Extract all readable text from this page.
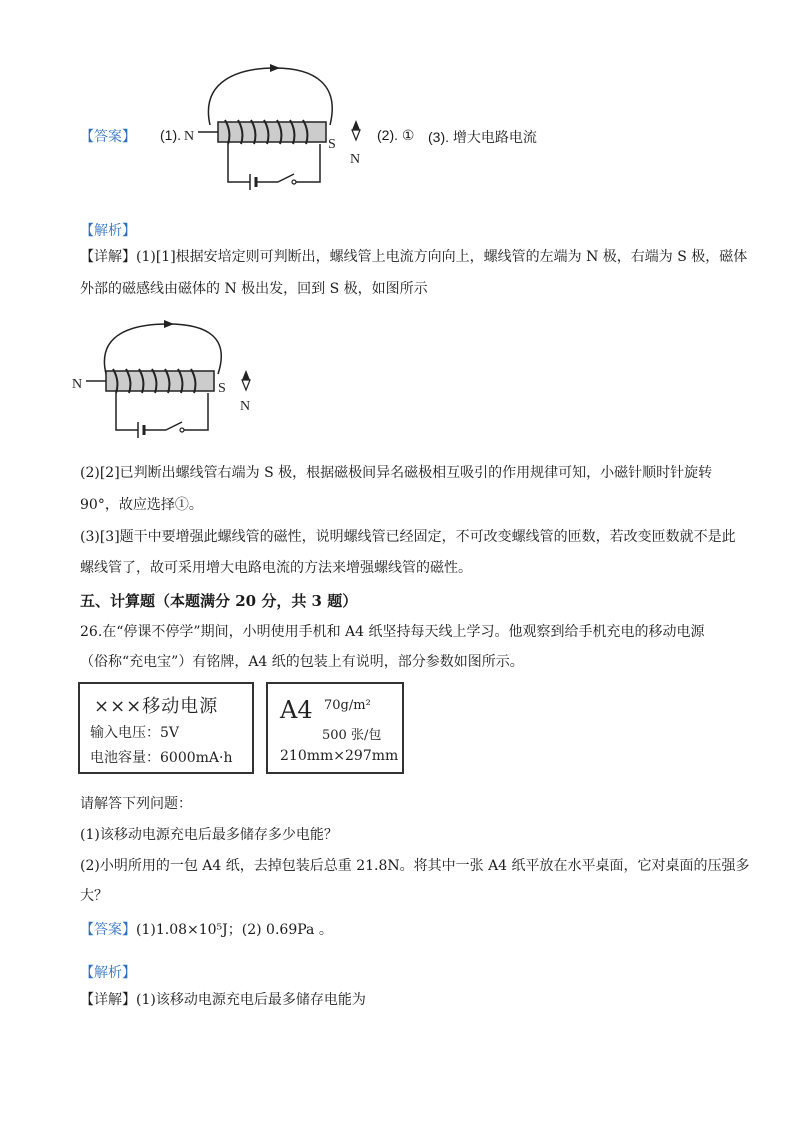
【答案】 (1). N
S
N
(2). ① (3). 增大电路电流
【解析】
【详解】(1)[1]根据安培定则可判断出，螺线管上电流方向向上，螺线管的左端为 N 极，右端为 S 极，磁体
外部的磁感线由磁体的 N 极出发，回到 S 极，如图所示
N	S
N
(2)[2]已判断出螺线管右端为 S 极，根据磁极间异名磁极相互吸引的作用规律可知，小磁针顺时针旋转
90°，故应选择①。
(3)[3]题干中要增强此螺线管的磁性，说明螺线管已经固定，不可改变螺线管的匝数，若改变匝数就不是此
螺线管了，故可采用增大电路电流的方法来增强螺线管的磁性。
五、计算题（本题满分 20 分，共 3 题）
26.在“停课不停学”期间，小明使用手机和 A4 纸坚持每天线上学习。他观察到给手机充电的移动电源
（俗称“充电宝”）有铭牌，A4 纸的包装上有说明，部分参数如图所示。
×××移动电源
输入电压：5V
电池容量：6000mA·h
A4 70g/m²
500 张/包
210mm×297mm
请解答下列问题：
(1)该移动电源充电后最多储存多少电能？
(2)小明所用的一包 A4 纸，去掉包装后总重 21.8N。将其中一张 A4 纸平放在水平桌面，它对桌面的压强多
大？
【答案】(1)1.08×10⁵J；(2) 0.69Pa 。
【解析】
【详解】(1)该移动电源充电后最多储存电能为
